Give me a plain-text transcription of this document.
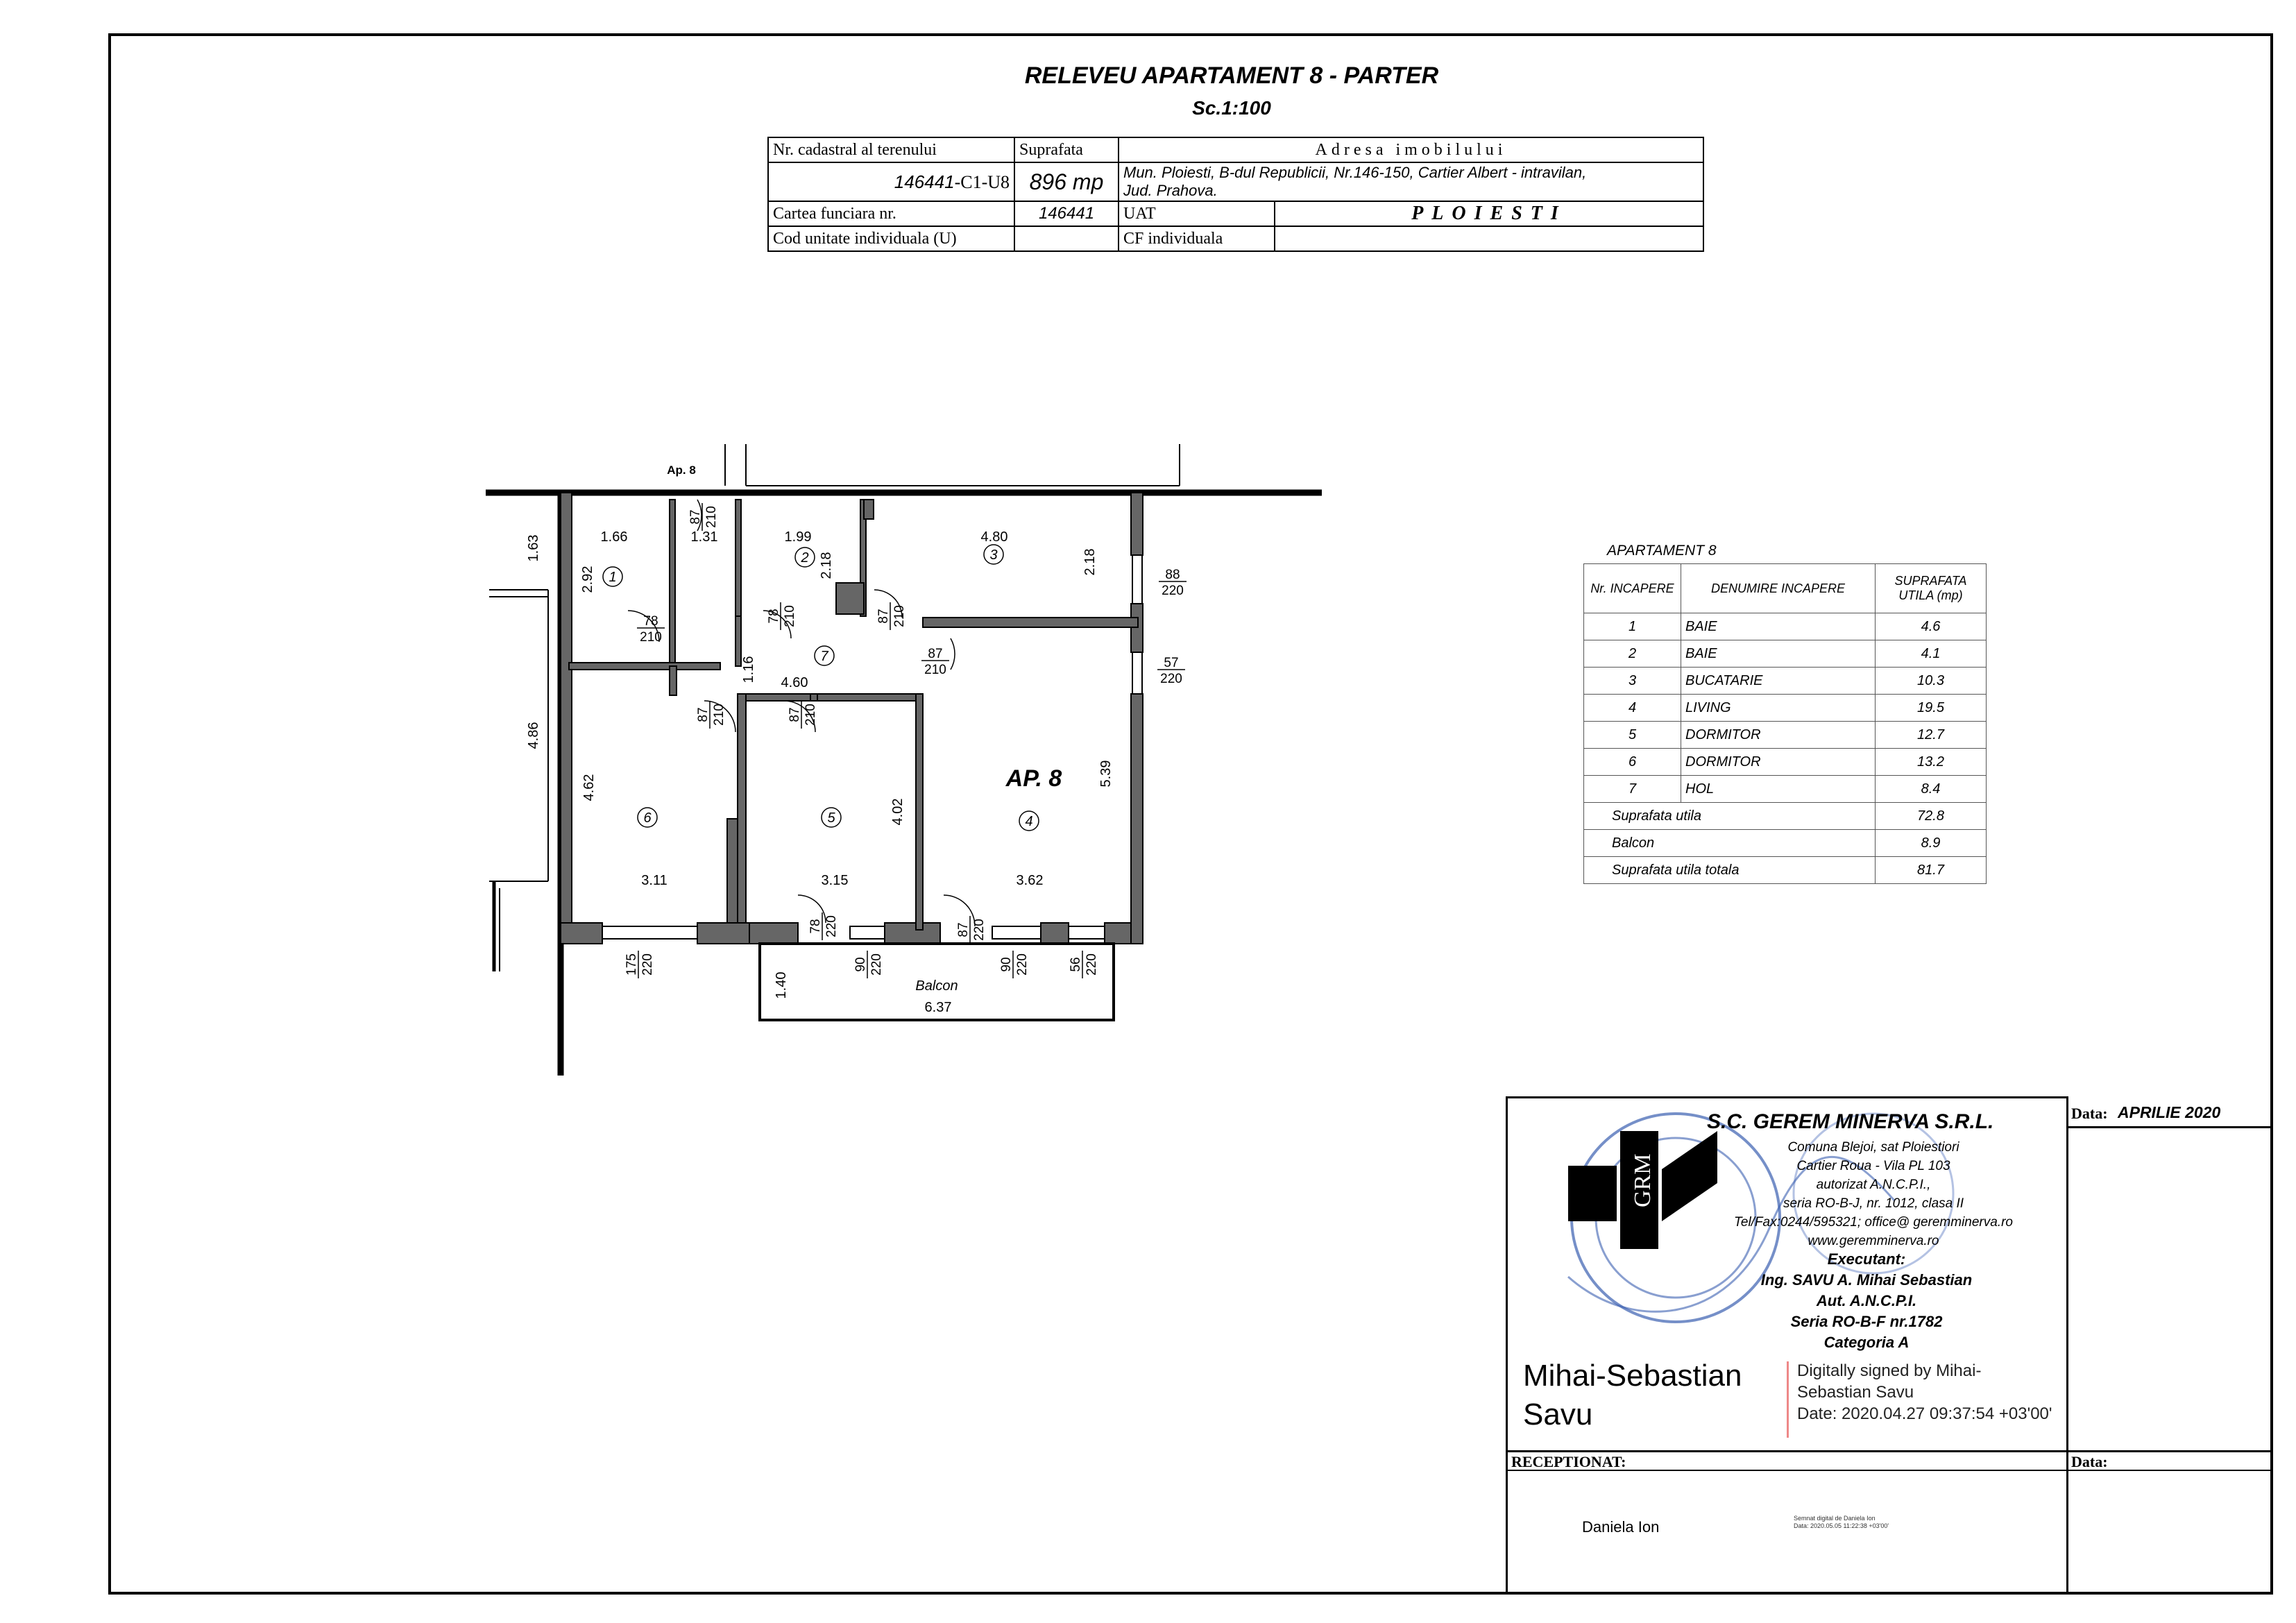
RELEVEU APARTAMENT 8 - PARTER
Sc.1:100
Nr. cadastral al terenului	Suprafata	Adresa imobilului	
146441-C1-U8	896 mp	Mun. Ploiesti, B-dul Republicii, Nr.146-150, Cartier Albert - intravilan,
Jud. Prahova.	

Cartea funciara nr.	146441	UAT	PLOIESTI
Cod unitate individuala (U)		CF individuala	
1
2	3
4
5
6
7
1.66	1.31	1.99	4.80
1.63
2.92
2.18	2.18
1.16 4.60
4.86
4.62
4.02
5.39
3.11	3.15	3.62
1.40
6.37
87 210
78
210
78 210	87 210
87
210
87 210	87 210
88
220
57
220
175 220
78 220	87 220
90 220	90 220	56 220
Ap. 8
AP. 8
Balcon
APARTAMENT 8
Nr. INCAPERE	DENUMIRE INCAPERE	SUPRAFATA UTILA (mp)
1	BAIE	4.6
2	BAIE	4.1
3	BUCATARIE	10.3
4	LIVING	19.5
5	DORMITOR	12.7
6	DORMITOR	13.2
7	HOL	8.4
Suprafata utila		72.8
Balcon		8.9
Suprafata utila totala		81.7
GRM
S.C. GEREM MINERVA S.R.L.
Comuna Blejoi, sat Ploiestiori
Cartier Roua - Vila PL 103
autorizat A.N.C.P.I.,
seria RO-B-J, nr. 1012, clasa II
Tel/Fax:0244/595321; office@ geremminerva.ro
www.geremminerva.ro
Executant:
Ing. SAVU A. Mihai Sebastian
Aut. A.N.C.P.I.
Seria RO-B-F nr.1782
Categoria A
Data: APRILIE 2020
Mihai-Sebastian
Savu
Digitally signed by Mihai-
Sebastian Savu
Date: 2020.04.27 09:37:54 +03'00'
RECEPTIONAT:	Data:
Daniela Ion	Semnat digital de Daniela Ion
Data: 2020.05.05 11:22:38 +03'00'
